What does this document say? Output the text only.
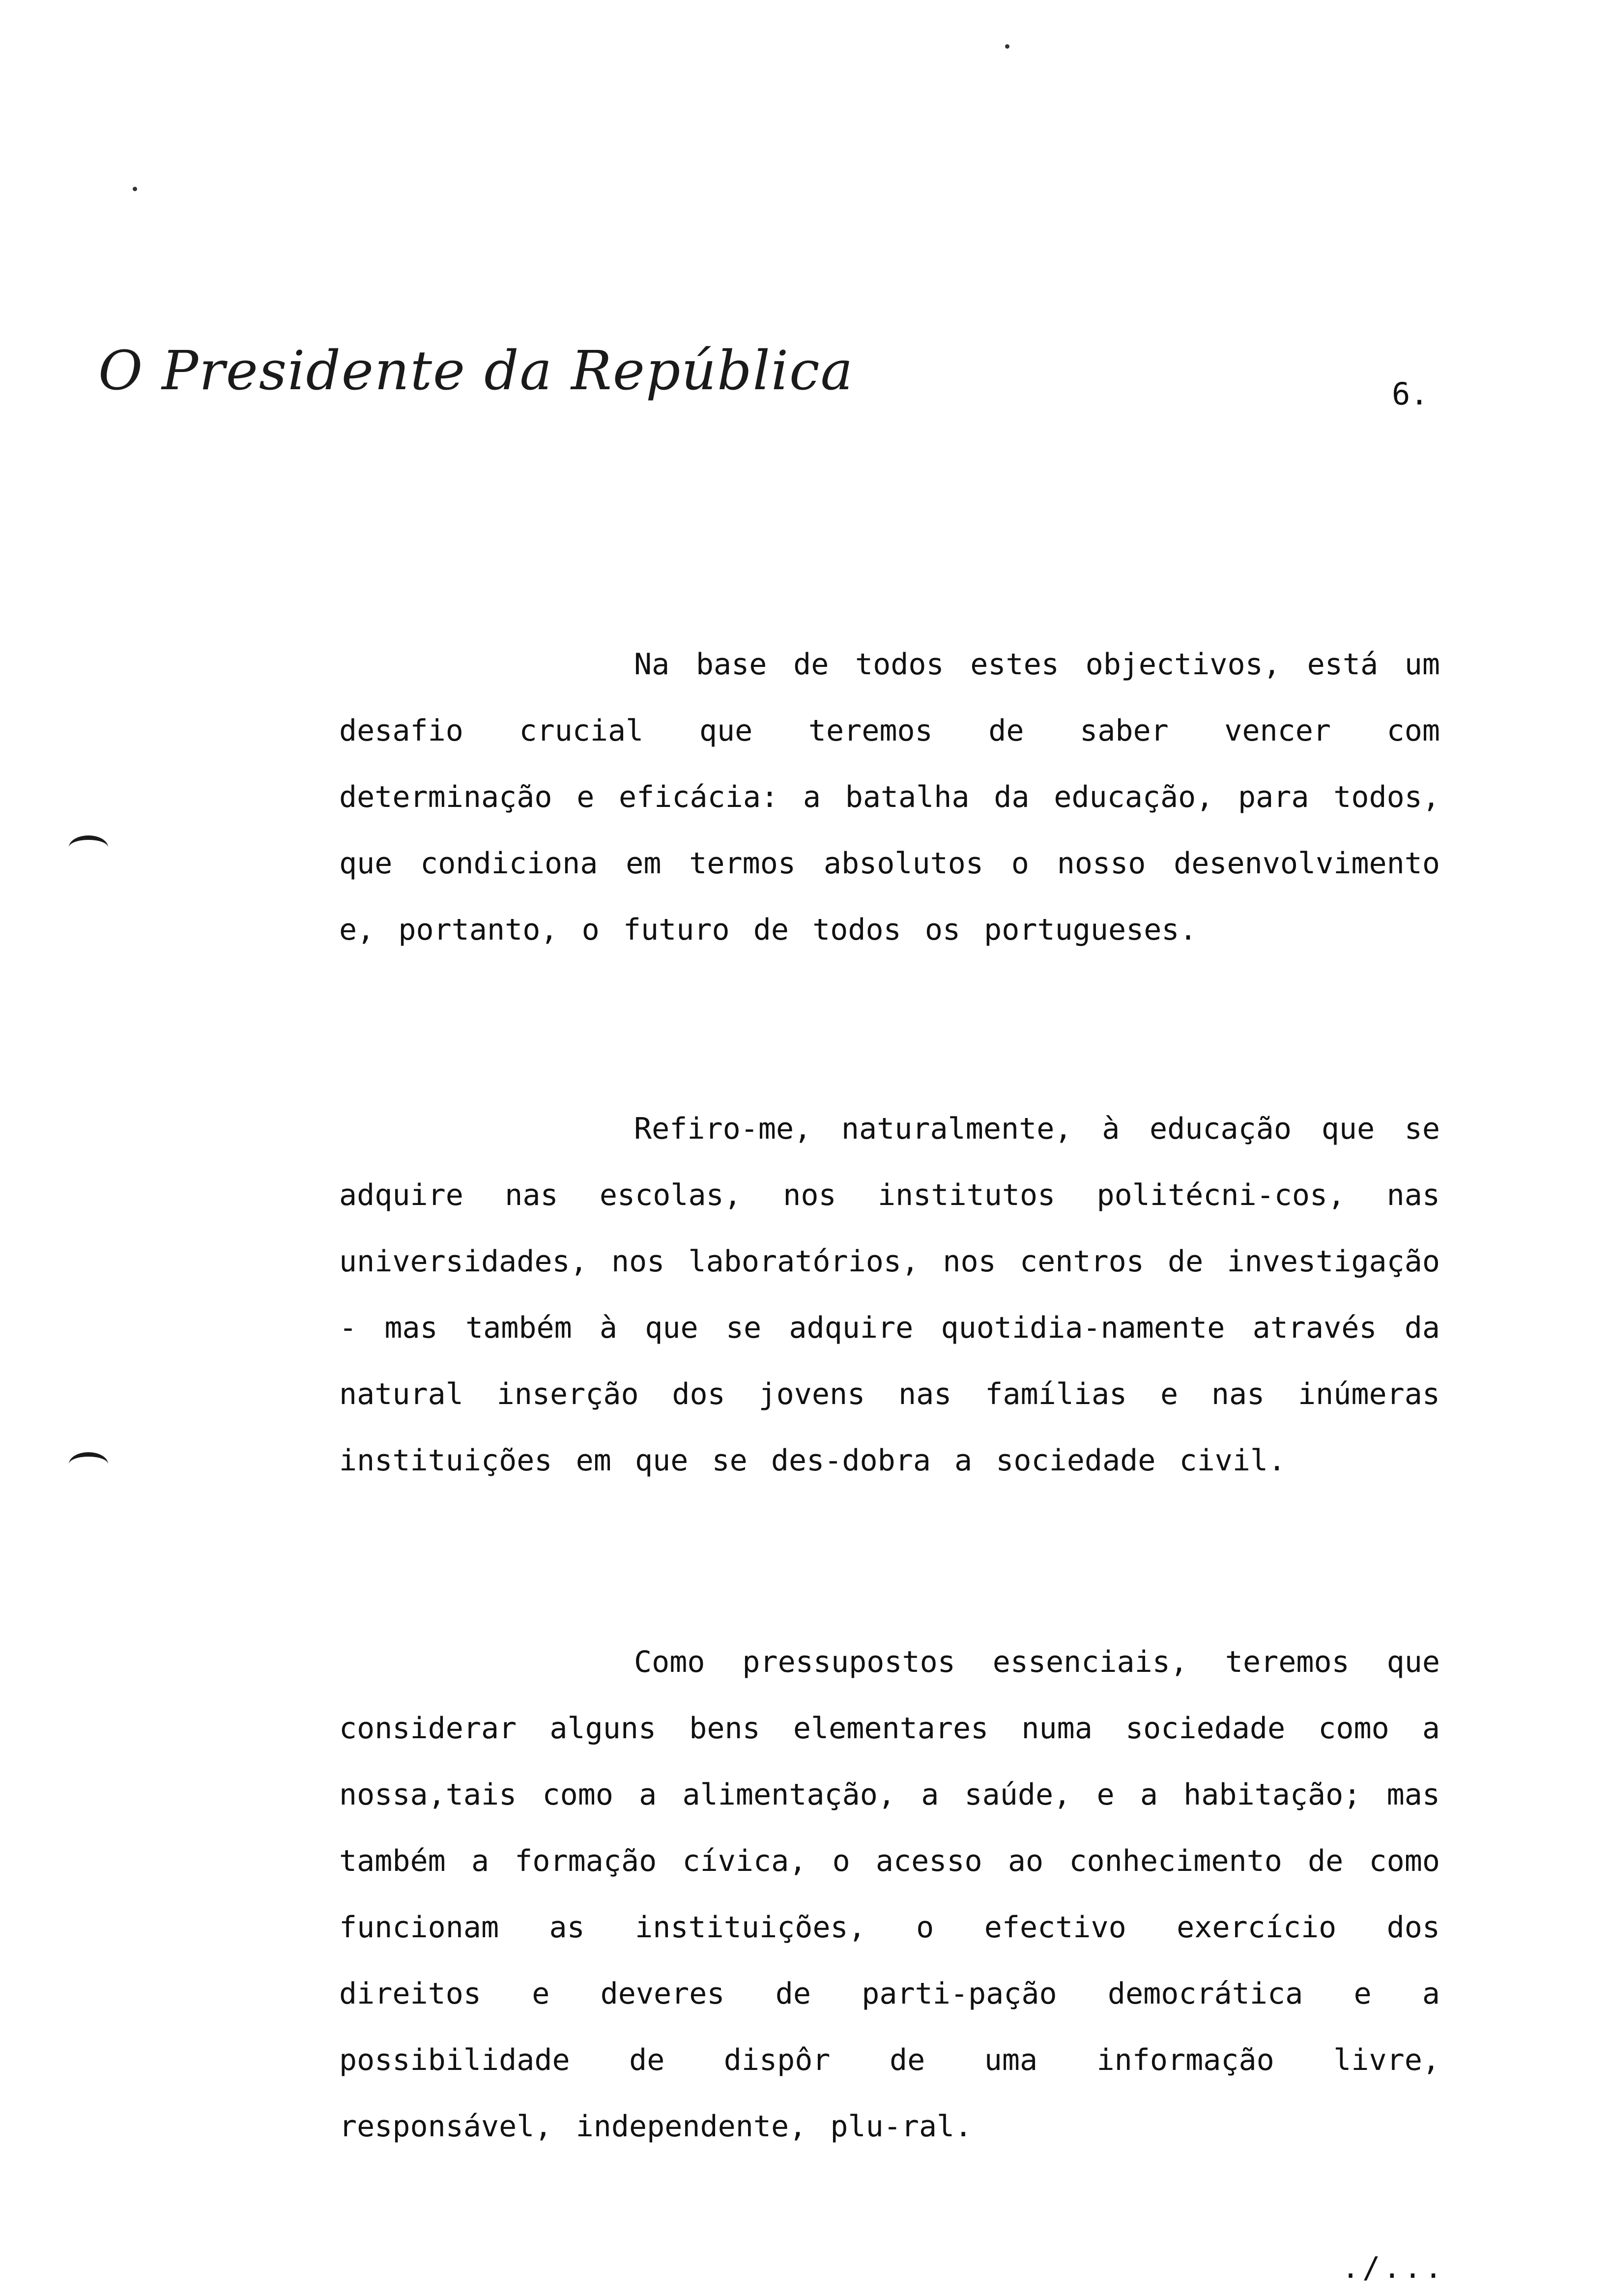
O Presidente da República	6.

Na base de todos estes objectivos, está um desafio crucial que teremos de saber vencer com determinação e eficácia: a batalha da educação, para todos, que condiciona em termos absolutos o nosso desenvolvimento e, portanto, o futuro de todos os portugueses.

Refiro-me, naturalmente, à educação que se adquire nas escolas, nos institutos politécni-cos, nas universidades, nos laboratórios, nos centros de investigação - mas também à que se adquire quotidia-namente através da natural inserção dos jovens nas famílias e nas inúmeras instituições em que se des-dobra a sociedade civil.

Como pressupostos essenciais, teremos que considerar alguns bens elementares numa sociedade como a nossa,tais como a alimentação, a saúde, e a habitação; mas também a formação cívica, o acesso ao conhecimento de como funcionam as instituições, o efectivo exercício dos direitos e deveres de parti-pação democrática e a possibilidade de dispôr de uma informação livre, responsável, independente, plu-ral.

./...
